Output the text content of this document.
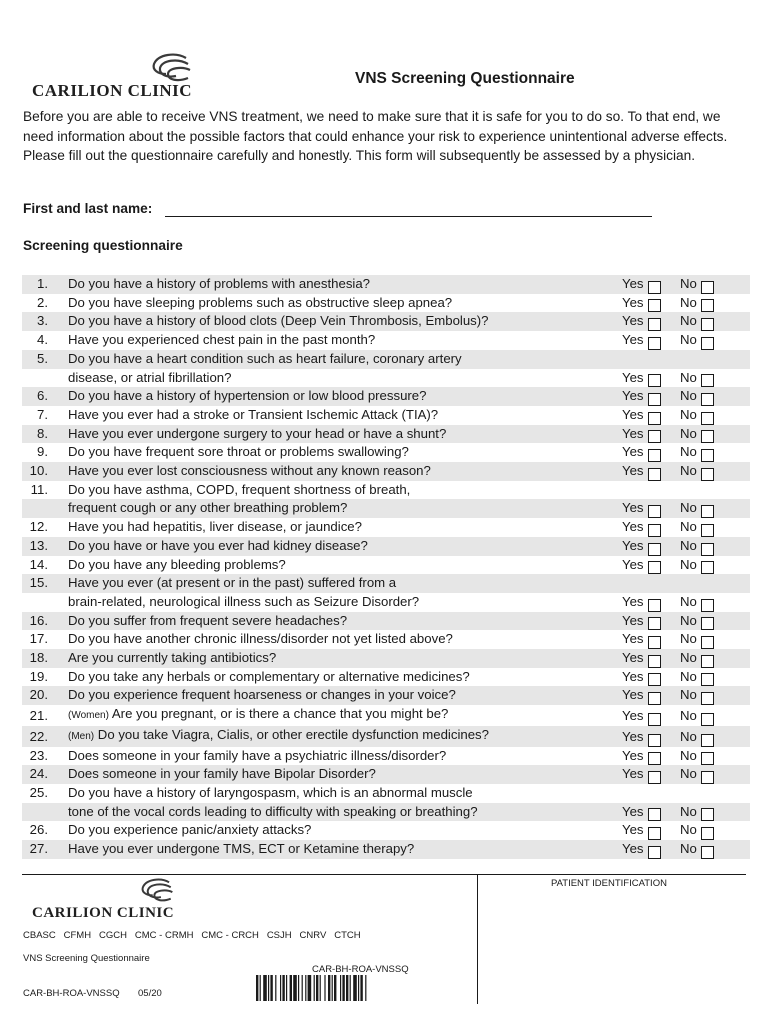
CARILION CLINIC
VNS Screening Questionnaire

Before you are able to receive VNS treatment, we need to make sure that it is safe for you to do so. To that end, we need information about the possible factors that could enhance your risk to experience unintentional adverse effects. Please fill out the questionnaire carefully and honestly. This form will subsequently be assessed by a physician.

First and last name:
Screening questionnaire
1.		Do you have a history of problems with anesthesia?	Yes	No
2.		Do you have sleeping problems such as obstructive sleep apnea?	Yes	No
3.		Do you have a history of blood clots (Deep Vein Thrombosis, Embolus)?	Yes	No
4.		Have you experienced chest pain in the past month?	Yes	No
5.		Do you have a heart condition such as heart failure, coronary artery		
		disease, or atrial fibrillation?	Yes	No
6.		Do you have a history of hypertension or low blood pressure?	Yes	No
7.		Have you ever had a stroke or Transient Ischemic Attack (TIA)?	Yes	No
8.		Have you ever undergone surgery to your head or have a shunt?	Yes	No
9.		Do you have frequent sore throat or problems swallowing?	Yes	No
10.		Have you ever lost consciousness without any known reason?	Yes	No
11.		Do you have asthma, COPD, frequent shortness of breath,		
		frequent cough or any other breathing problem?	Yes	No
12.		Have you had hepatitis, liver disease, or jaundice?	Yes	No
13.		Do you have or have you ever had kidney disease?	Yes	No
14.		Do you have any bleeding problems?	Yes	No
15.		Have you ever (at present or in the past) suffered from a		
		brain-related, neurological illness such as Seizure Disorder?	Yes	No
16.		Do you suffer from frequent severe headaches?	Yes	No
17.		Do you have another chronic illness/disorder not yet listed above?	Yes	No
18.		Are you currently taking antibiotics?	Yes	No
19.		Do you take any herbals or complementary or alternative medicines?	Yes	No
20.		Do you experience frequent hoarseness or changes in your voice?	Yes	No
21.		(Women) Are you pregnant, or is there a chance that you might be?	Yes	No
22.		(Men) Do you take Viagra, Cialis, or other erectile dysfunction medicines?	Yes	No
23.		Does someone in your family have a psychiatric illness/disorder?	Yes	No
24.		Does someone in your family have Bipolar Disorder?	Yes	No
25.		Do you have a history of laryngospasm, which is an abnormal muscle		
		tone of the vocal cords leading to difficulty with speaking or breathing?	Yes	No
26.		Do you experience panic/anxiety attacks?	Yes	No
27.		Have you ever undergone TMS, ECT or Ketamine therapy?	Yes	No
CARILION CLINIC
PATIENT IDENTIFICATION
CBASC   CFMH   CGCH   CMC - CRMH   CMC - CRCH   CSJH   CNRV   CTCH
VNS Screening Questionnaire
CAR-BH-ROA-VNSSQ
CAR-BH-ROA-VNSSQ 05/20
